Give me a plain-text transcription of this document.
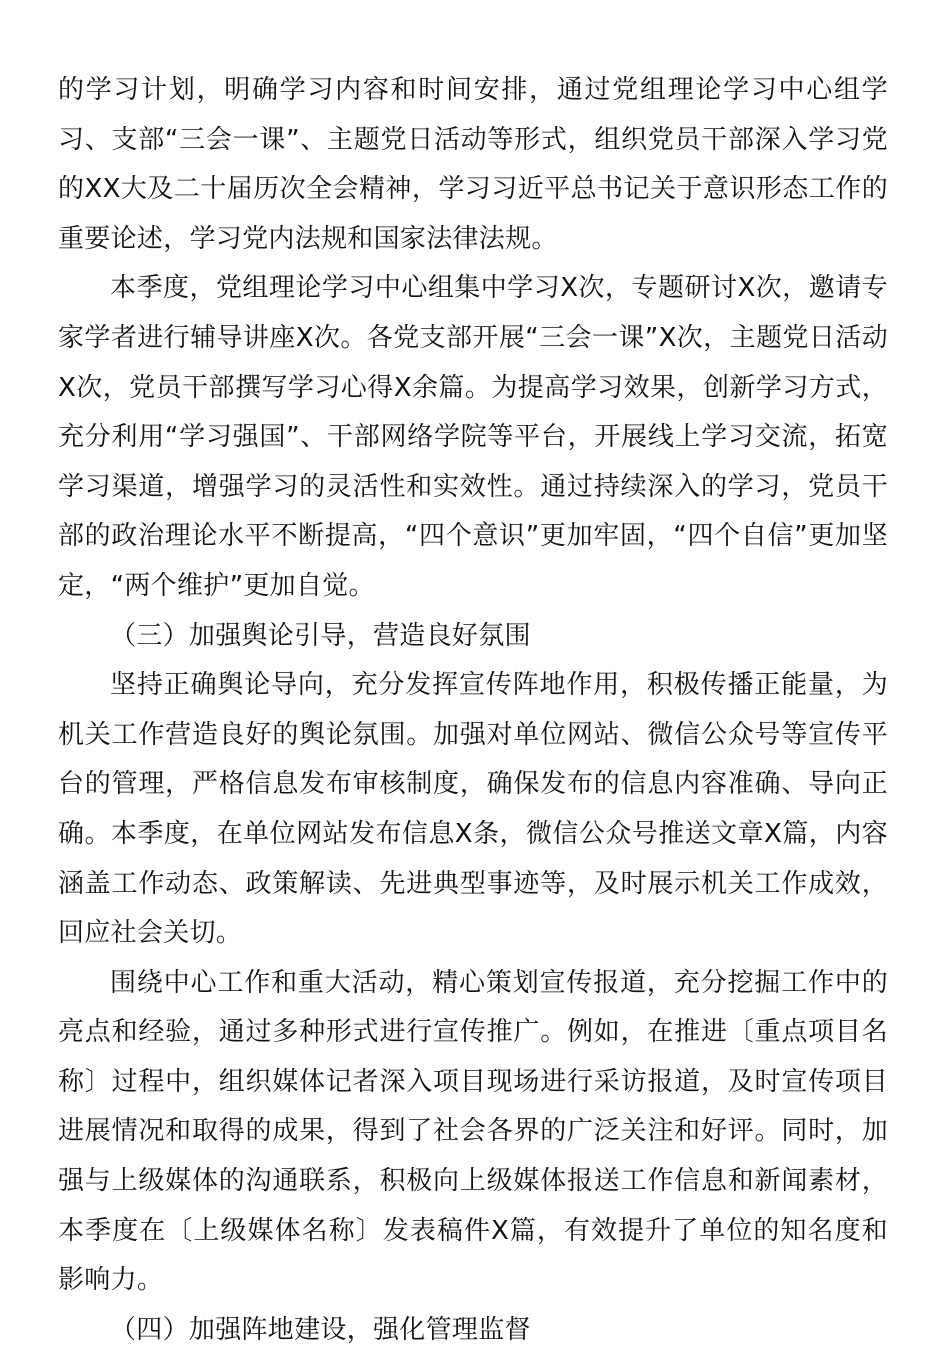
的学习计划，明确学习内容和时间安排，通过党组理论学习中心组学习、支部“三会一课”、主题党日活动等形式，组织党员干部深入学习党的XX大及二十届历次全会精神，学习习近平总书记关于意识形态工作的重要论述，学习党内法规和国家法律法规。

本季度，党组理论学习中心组集中学习X次，专题研讨X次，邀请专家学者进行辅导讲座X次。各党支部开展“三会一课”X次，主题党日活动X次，党员干部撰写学习心得X余篇。为提高学习效果，创新学习方式，充分利用“学习强国”、干部网络学院等平台，开展线上学习交流，拓宽学习渠道，增强学习的灵活性和实效性。通过持续深入的学习，党员干部的政治理论水平不断提高，“四个意识”更加牢固，“四个自信”更加坚定，“两个维护”更加自觉。

（三）加强舆论引导，营造良好氛围

坚持正确舆论导向，充分发挥宣传阵地作用，积极传播正能量，为机关工作营造良好的舆论氛围。加强对单位网站、微信公众号等宣传平台的管理，严格信息发布审核制度，确保发布的信息内容准确、导向正确。本季度，在单位网站发布信息X条，微信公众号推送文章X篇，内容涵盖工作动态、政策解读、先进典型事迹等，及时展示机关工作成效，回应社会关切。

围绕中心工作和重大活动，精心策划宣传报道，充分挖掘工作中的亮点和经验，通过多种形式进行宣传推广。例如，在推进〔重点项目名称〕过程中，组织媒体记者深入项目现场进行采访报道，及时宣传项目进展情况和取得的成果，得到了社会各界的广泛关注和好评。同时，加强与上级媒体的沟通联系，积极向上级媒体报送工作信息和新闻素材，本季度在〔上级媒体名称〕发表稿件X篇，有效提升了单位的知名度和影响力。

（四）加强阵地建设，强化管理监督
